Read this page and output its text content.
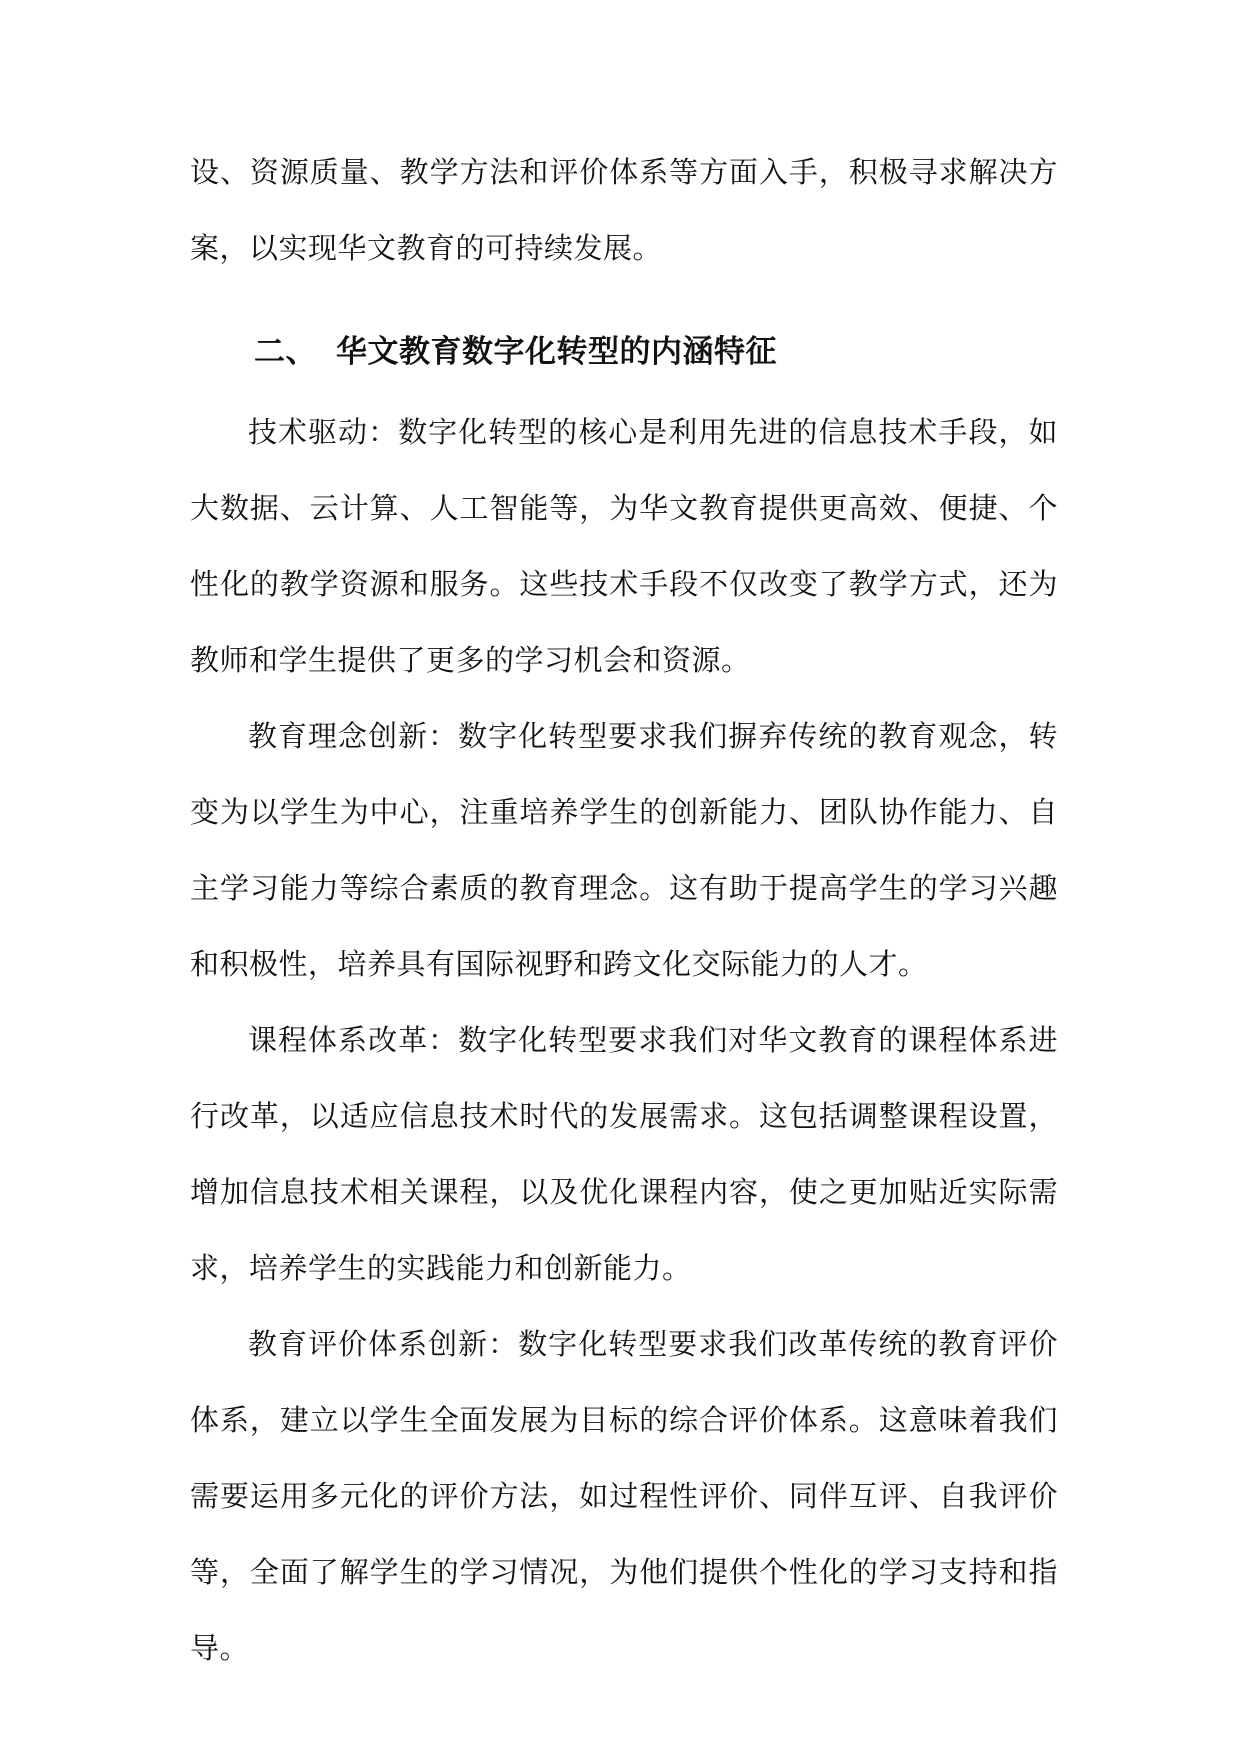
设、资源质量、教学方法和评价体系等方面入手，积极寻求解决方案，以实现华文教育的可持续发展。

二、 华文教育数字化转型的内涵特征

技术驱动：数字化转型的核心是利用先进的信息技术手段，如大数据、云计算、人工智能等，为华文教育提供更高效、便捷、个性化的教学资源和服务。这些技术手段不仅改变了教学方式，还为教师和学生提供了更多的学习机会和资源。

教育理念创新：数字化转型要求我们摒弃传统的教育观念，转变为以学生为中心，注重培养学生的创新能力、团队协作能力、自主学习能力等综合素质的教育理念。这有助于提高学生的学习兴趣和积极性，培养具有国际视野和跨文化交际能力的人才。

课程体系改革：数字化转型要求我们对华文教育的课程体系进行改革，以适应信息技术时代的发展需求。这包括调整课程设置，增加信息技术相关课程，以及优化课程内容，使之更加贴近实际需求，培养学生的实践能力和创新能力。

教育评价体系创新：数字化转型要求我们改革传统的教育评价体系，建立以学生全面发展为目标的综合评价体系。这意味着我们需要运用多元化的评价方法，如过程性评价、同伴互评、自我评价等，全面了解学生的学习情况，为他们提供个性化的学习支持和指导。
